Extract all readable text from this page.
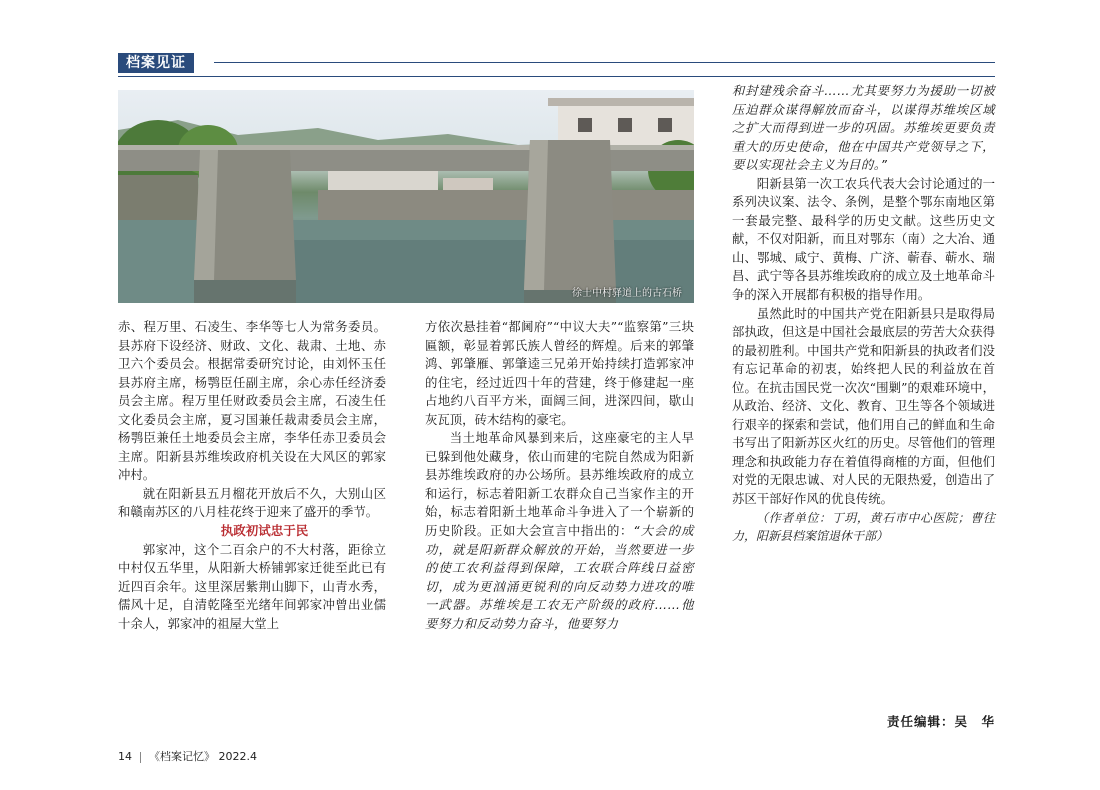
档案见证
徐士中村驿道上的古石桥

赤、程万里、石凌生、李华等七人为常务委员。县苏府下设经济、财政、文化、裁肃、土地、赤卫六个委员会。根据常委研究讨论，由刘怀玉任县苏府主席，杨鹗臣任副主席，余心赤任经济委员会主席。程万里任财政委员会主席，石凌生任文化委员会主席，夏习国兼任裁肃委员会主席，杨鹗臣兼任土地委员会主席，李华任赤卫委员会主席。阳新县苏维埃政府机关设在大风区的郭家冲村。

就在阳新县五月榴花开放后不久，大别山区和赣南苏区的八月桂花终于迎来了盛开的季节。

执政初试忠于民

郭家冲，这个二百余户的不大村落，距徐立中村仅五华里，从阳新大桥铺郭家迁徙至此已有近四百余年。这里深居紫荆山脚下，山青水秀，儒风十足，自清乾隆至光绪年间郭家冲曾出业儒十余人，郭家冲的祖屋大堂上

方依次悬挂着“都阃府”“中议大夫”“监察第”三块匾额，彰显着郭氏族人曾经的辉煌。后来的郭肇鸿、郭肇雁、郭肇逵三兄弟开始持续打造郭家冲的住宅，经过近四十年的营建，终于修建起一座占地约八百平方米，面阔三间，进深四间，歇山灰瓦顶，砖木结构的豪宅。

当土地革命风暴到来后，这座豪宅的主人早已躲到他处藏身，依山而建的宅院自然成为阳新县苏维埃政府的办公场所。县苏维埃政府的成立和运行，标志着阳新工农群众自己当家作主的开始，标志着阳新土地革命斗争进入了一个崭新的历史阶段。正如大会宣言中指出的：“大会的成功，就是阳新群众解放的开始，当然要进一步的使工农利益得到保障，工农联合阵线日益密切，成为更汹涌更锐利的向反动势力进攻的唯一武器。苏维埃是工农无产阶级的政府……他要努力和反动势力奋斗，他要努力

和封建残余奋斗……尤其要努力为援助一切被压迫群众谋得解放而奋斗，以谋得苏维埃区域之扩大而得到进一步的巩固。苏维埃更要负责重大的历史使命，他在中国共产党领导之下，要以实现社会主义为目的。”

阳新县第一次工农兵代表大会讨论通过的一系列决议案、法令、条例，是整个鄂东南地区第一套最完整、最科学的历史文献。这些历史文献，不仅对阳新，而且对鄂东（南）之大冶、通山、鄂城、咸宁、黄梅、广济、蕲春、蕲水、瑞昌、武宁等各县苏维埃政府的成立及土地革命斗争的深入开展都有积极的指导作用。

虽然此时的中国共产党在阳新县只是取得局部执政，但这是中国社会最底层的劳苦大众获得的最初胜利。中国共产党和阳新县的执政者们没有忘记革命的初衷，始终把人民的利益放在首位。在抗击国民党一次次“围剿”的艰难环境中，从政治、经济、文化、教育、卫生等各个领域进行艰辛的探索和尝试，他们用自己的鲜血和生命书写出了阳新苏区火红的历史。尽管他们的管理理念和执政能力存在着值得商榷的方面，但他们对党的无限忠诚、对人民的无限热爱，创造出了苏区干部好作风的优良传统。

（作者单位：丁玥，黄石市中心医院；曹往力，阳新县档案馆退休干部）

责任编辑：吴　华
14 《档案记忆》 2022.4
